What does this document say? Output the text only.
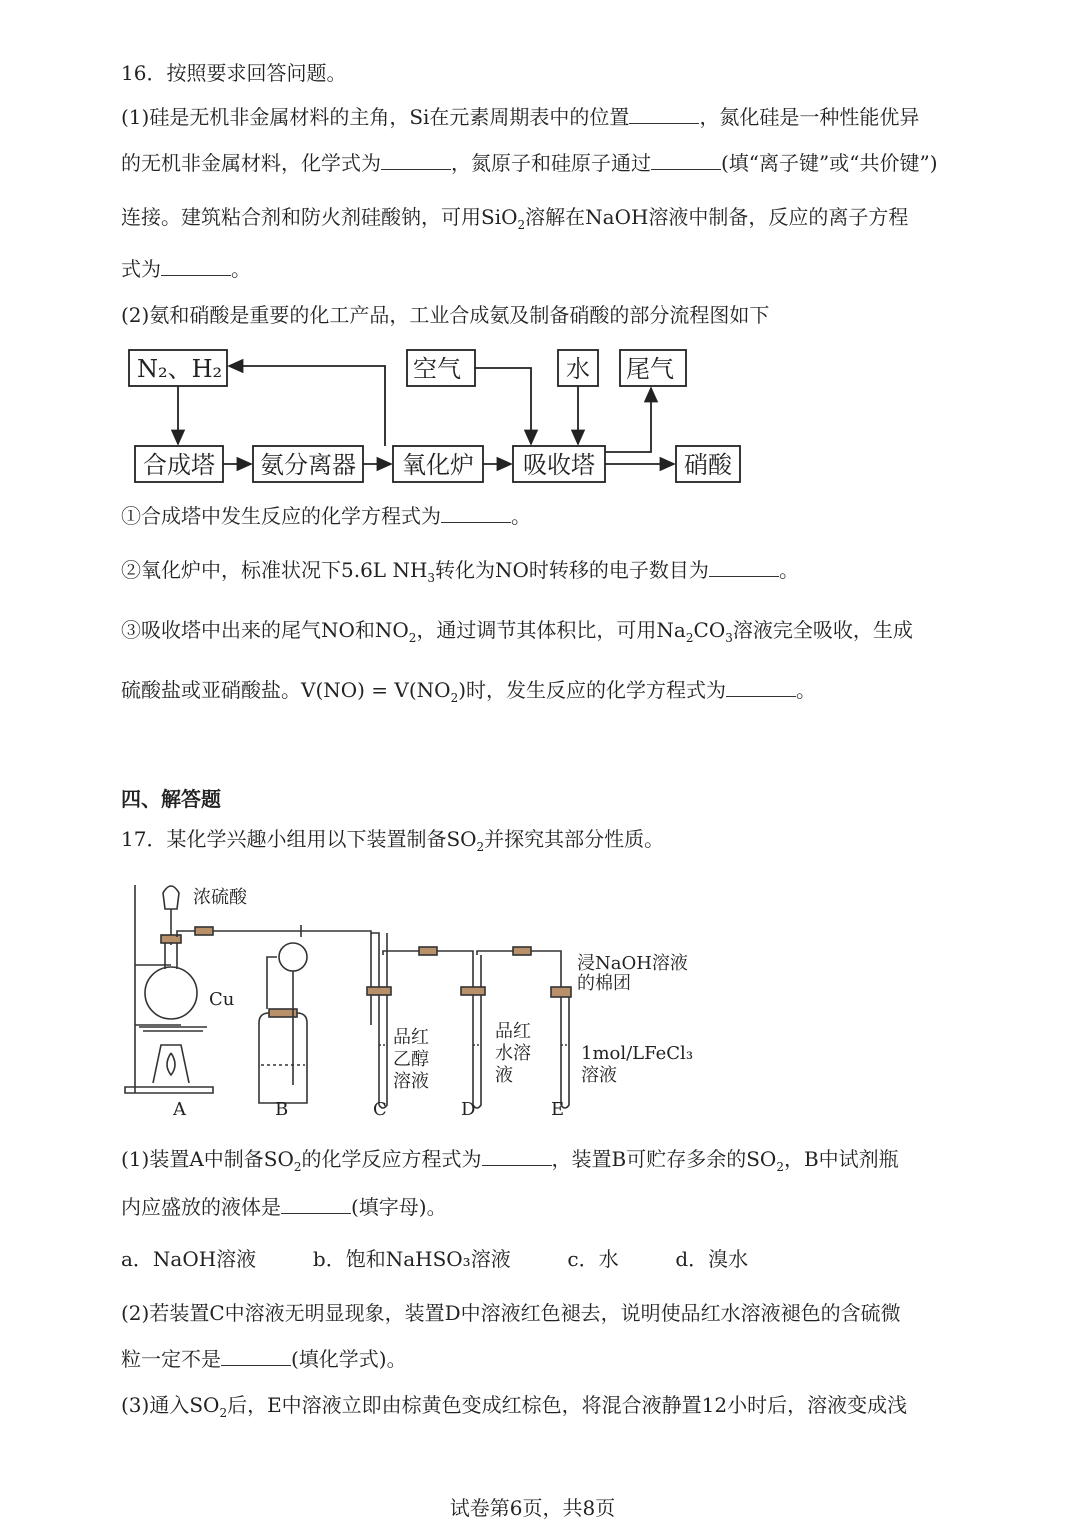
16．按照要求回答问题。
(1)硅是无机非金属材料的主角，Si在元素周期表中的位置	，氮化硅是一种性能优异
的无机非金属材料，化学式为	，氮原子和硅原子通过	(填“离子键”或“共价键”)
连接。建筑粘合剂和防火剂硅酸钠，可用SiO$_2$溶解在NaOH溶液中制备，反应的离子方程
式为	。
(2)氨和硝酸是重要的化工产品，工业合成氨及制备硝酸的部分流程图如下
N₂、H₂	空气	水 尾气
合成塔 氨分离器 氧化炉 吸收塔	硝酸
①合成塔中发生反应的化学方程式为	。
②氧化炉中，标准状况下5.6L $NH_3$转化为NO时转移的电子数目为	。
③吸收塔中出来的尾气NO和$NO_2$，通过调节其体积比，可用$Na_2CO_3$溶液完全吸收，生成
硫酸盐或亚硝酸盐。$V(NO) = V(NO_2)$时，发生反应的化学方程式为	。
四、解答题
17．某化学兴趣小组用以下装置制备$SO_2$并探究其部分性质。
浓硫酸
Cu
品红
乙醇
溶液
品红
水溶
液
浸NaOH溶液
的棉团
1mol/LFeCl₃
溶液
A	B	C	D	E
(1)装置A中制备$SO_2$的化学反应方程式为	，装置B可贮存多余的$SO_2$，B中试剂瓶
内应盛放的液体是	(填字母)。
a．NaOH溶液	b．饱和NaHSO₃溶液	c．水	d．溴水
(2)若装置C中溶液无明显现象，装置D中溶液红色褪去，说明使品红水溶液褪色的含硫微
粒一定不是	(填化学式)。
(3)通入$SO_2$后，E中溶液立即由棕黄色变成红棕色，将混合液静置12小时后，溶液变成浅
试卷第6页，共8页
